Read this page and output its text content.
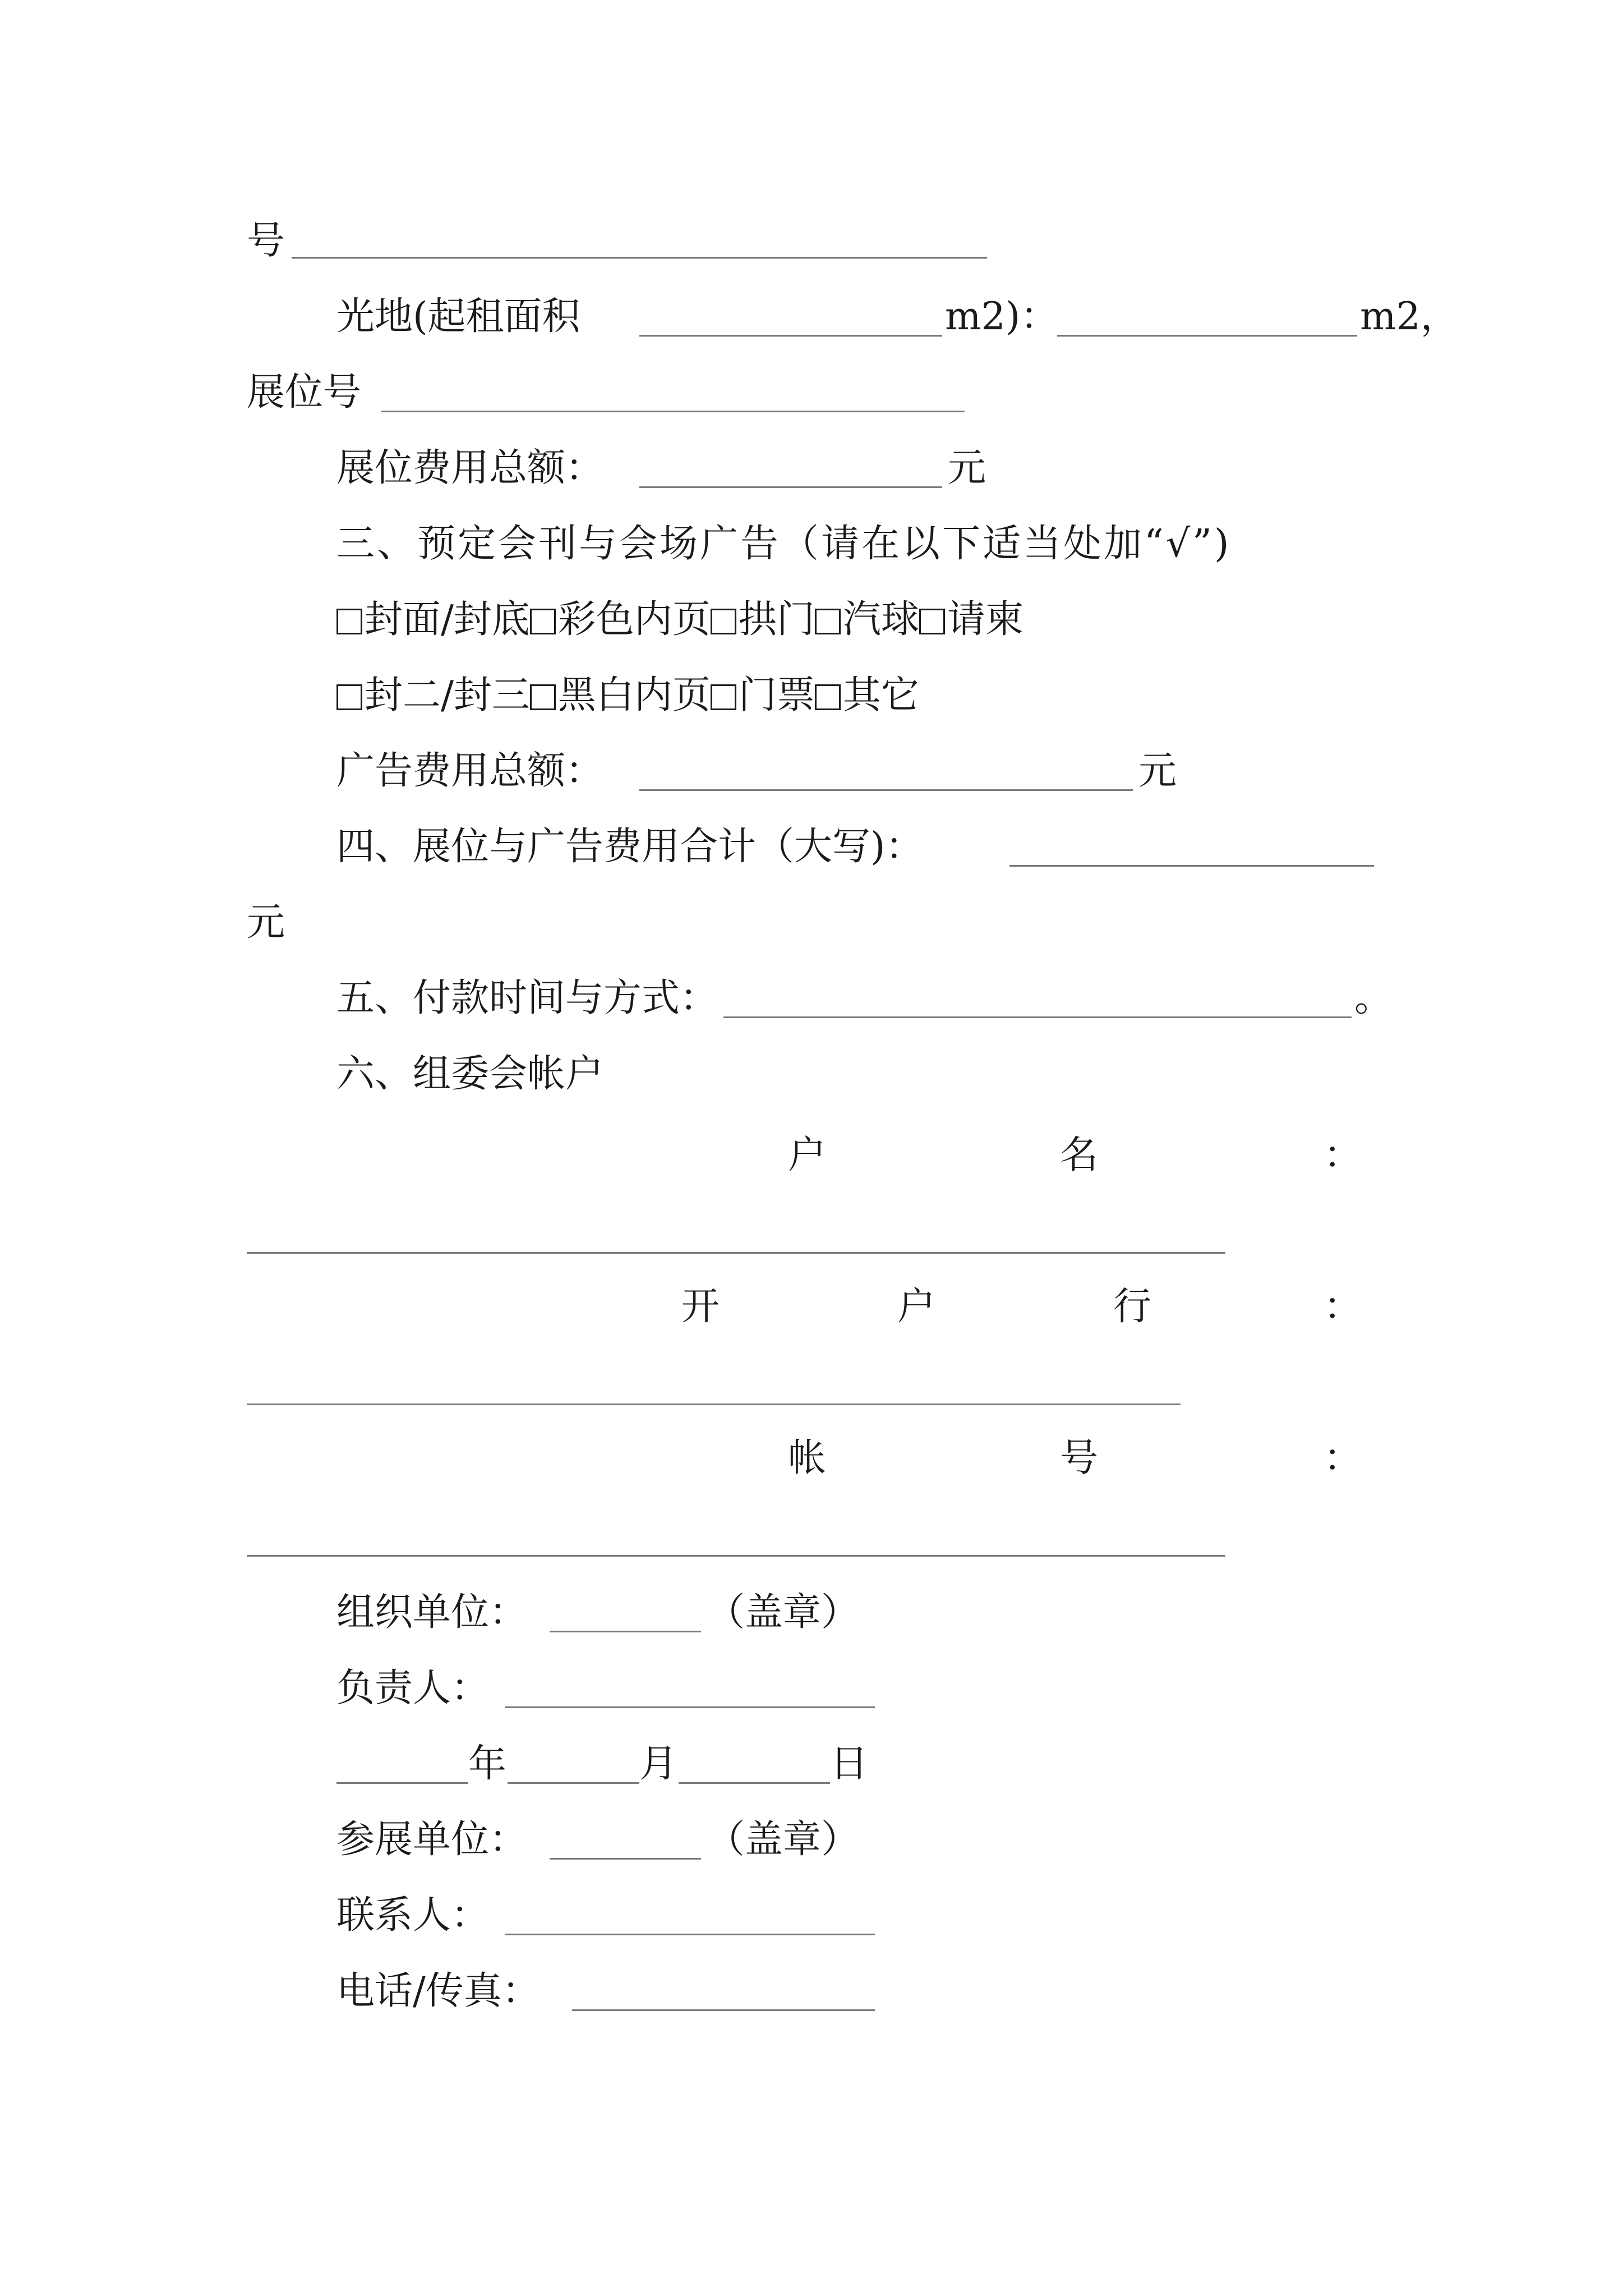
号
光地(起租面积	m2)：	m2，
展位号
展位费用总额：	元
三、预定会刊与会场广告（请在以下适当处加“√”)
封面/封底 彩色内页 拱门 汽球 请柬
封二/封三 黑白内页 门票 其它
广告费用总额：	元
四、展位与广告费用合计（大写)：
元
五、付款时间与方式：	。
六、组委会帐户
户	名	：
开	户	行	：
帐	号	：
组织单位：	（盖章）
负责人：
年	月	日
参展单位：	（盖章）
联系人：
电话/传真：
